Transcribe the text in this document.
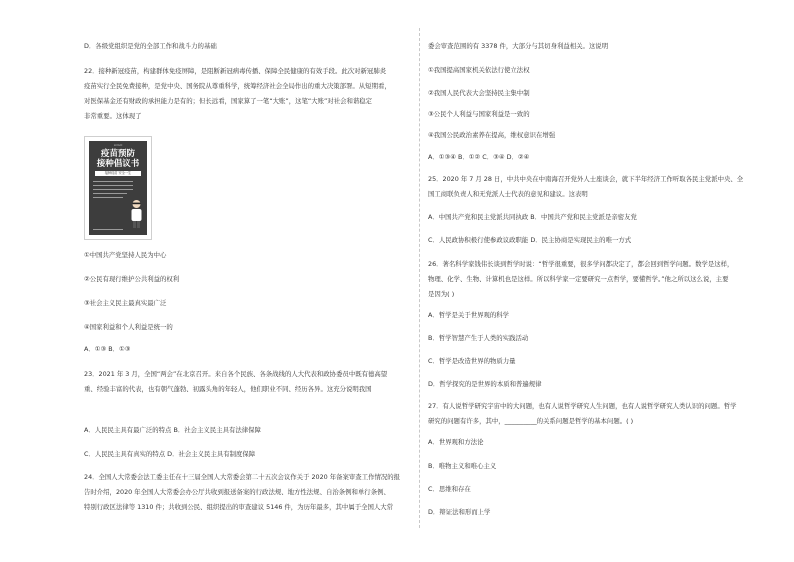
D．各级党组织是党的全部工作和战斗力的基础
22．接种新冠疫苗，构建群体免疫屏障，是阻断新冠病毒传播、保障全民健康的有效手段。此次对新冠肺炎
疫苗实行全民免费接种，是党中央、国务院从尊重科学，统筹经济社会全局作出的重大决策部署。从短期看，
对医保基金还有财政的承担能力是有的；但长远看，国家算了一笔“大账”，这笔“大账”对社会和谐稳定
非常重要。这体现了
LOGO
疫苗预防
接种倡议书
接种疫苗 安全一生
①中国共产党坚持人民为中心
②公民有现行维护公共利益的权利
③社会主义民主最真实最广泛
④国家利益和个人利益是统一的
A．①③ B．①③
23．2021 年 3 月，全国“两会”在北京召开。来自各个民族、各条战线的人大代表和政协委员中既有德高望
重、经验丰富的代表，也有朝气蓬勃、初露头角的年轻人，他们职业不同、经历各异。这充分说明我国
A．人民民主具有最广泛的特点 B．社会主义民主具有法律保障
C．人民民主具有真实的特点 D．社会主义民主具有制度保障
24．全国人大常委会法工委主任在十三届全国人大常委会第二十五次会议作关于 2020 年备案审查工作情况的报
告时介绍，2020 年全国人大常委会办公厅共收到报送备案的行政法规、地方性法规、自治条例和单行条例、
特别行政区法律等 1310 件；共收到公民、组织提出的审查建议 5146 件，为历年最多，其中属于全国人大常
委会审查范围的有 3378 件，大部分与其切身利益相关。这说明
①我国提高国家机关依法行使立法权
②我国人民代表大会坚持民主集中制
③公民个人利益与国家利益是一致的
④我国公民政治素养在提高，维权意识在增强
A．①③④ B．①② C．③④ D．②④
25．2020 年 7 月 28 日，中共中央在中南海召开党外人士座谈会，就下半年经济工作听取各民主党派中央、全
国工商联负责人和无党派人士代表的意见和建议。这表明
A．中国共产党和民主党派共同执政 B．中国共产党和民主党派是亲密友党
C．人民政协积极行使参政议政职能 D．民主协商是实现民主的唯一方式
26．著名科学家钱伟长谈到哲学时说：“哲学很重要，很多学问都决定了，都会回到哲学问题。数学是这样，
物理、化学、生物、计算机也是这样。所以科学家一定要研究一点哲学，要懂哲学。”他之所以这么说，主要
是因为( )
A．哲学是关于世界观的科学
B．哲学智慧产生于人类的实践活动
C．哲学是改造世界的物质力量
D．哲学探究的是世界的本质和普遍规律
27．有人说哲学研究宇宙中的大问题，也有人说哲学研究人生问题，也有人说哲学研究人类认识的问题。哲学
研究的问题有许多，其中，__________的关系问题是哲学的基本问题。( )
A．世界观和方法论
B．唯物主义和唯心主义
C．思维和存在
D．辩证法和形而上学
